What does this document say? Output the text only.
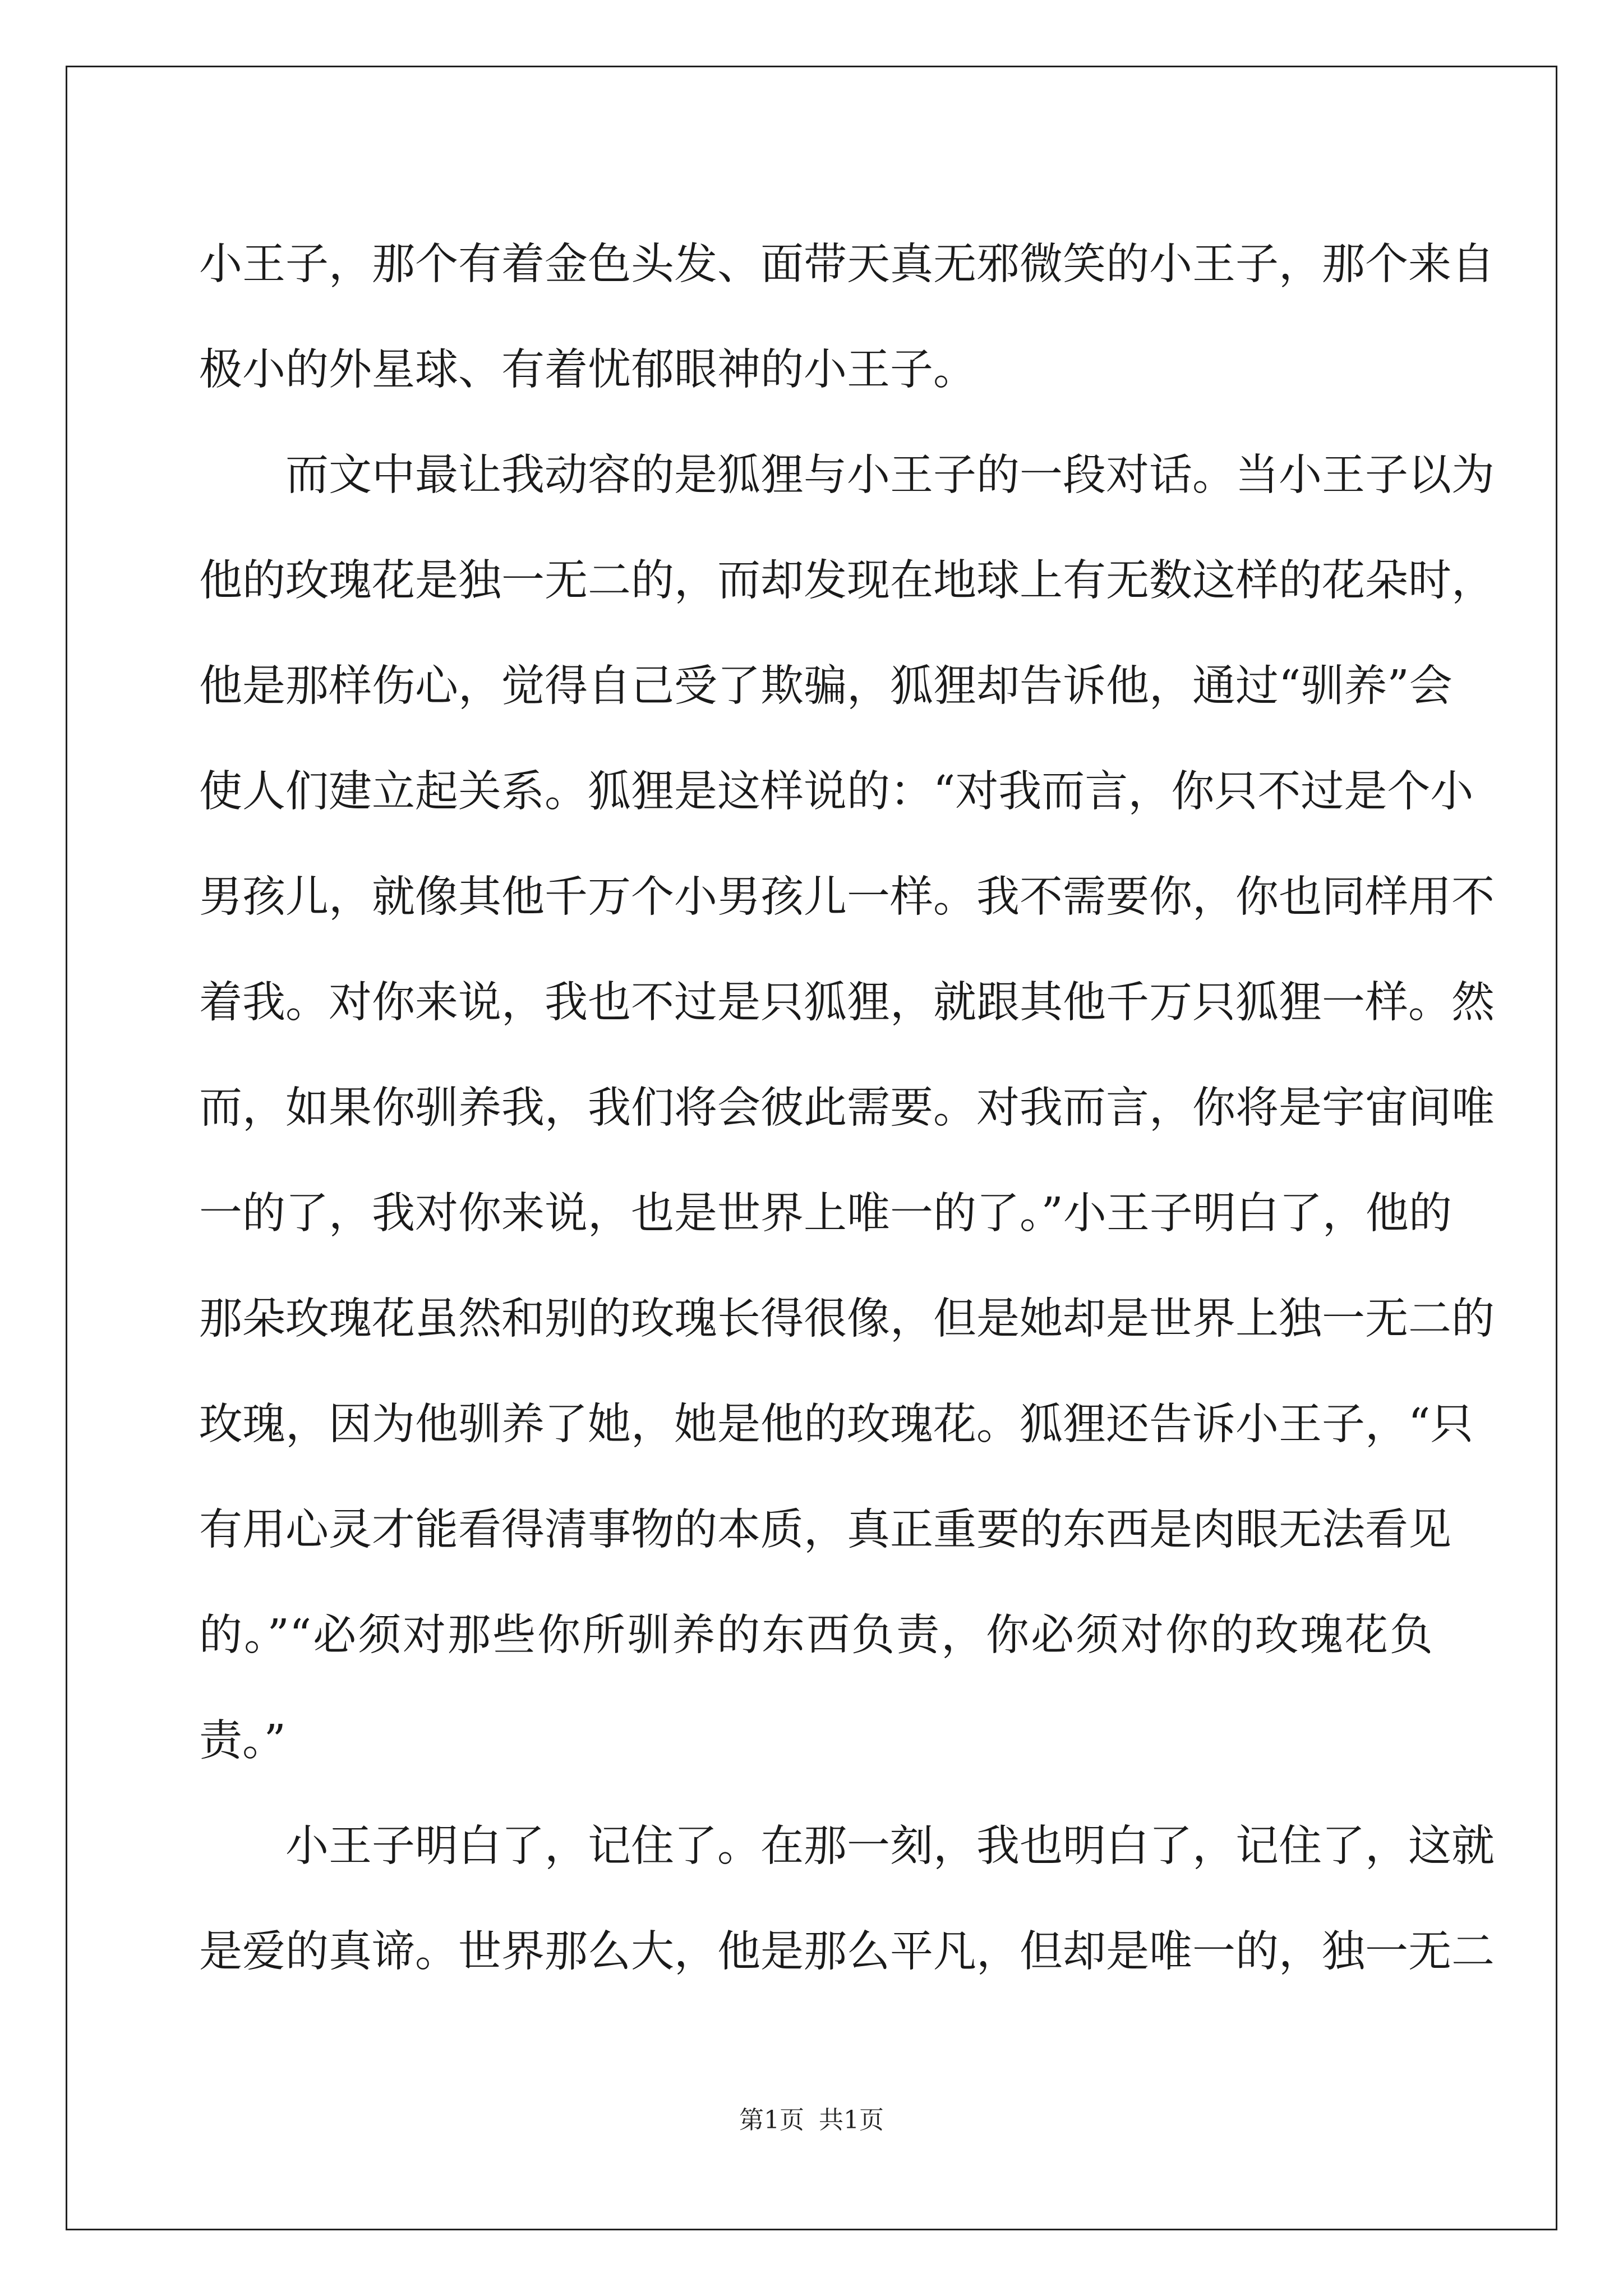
小王子，那个有着金色头发、面带天真无邪微笑的小王子，那个来自
极小的外星球、有着忧郁眼神的小王子。
而文中最让我动容的是狐狸与小王子的一段对话。当小王子以为
他的玫瑰花是独一无二的，而却发现在地球上有无数这样的花朵时，
他是那样伤心，觉得自己受了欺骗，狐狸却告诉他，通过“驯养”会
使人们建立起关系。狐狸是这样说的：“对我而言，你只不过是个小
男孩儿，就像其他千万个小男孩儿一样。我不需要你，你也同样用不
着我。对你来说，我也不过是只狐狸，就跟其他千万只狐狸一样。然
而，如果你驯养我，我们将会彼此需要。对我而言，你将是宇宙间唯
一的了，我对你来说，也是世界上唯一的了。”小王子明白了，他的
那朵玫瑰花虽然和别的玫瑰长得很像，但是她却是世界上独一无二的
玫瑰，因为他驯养了她，她是他的玫瑰花。狐狸还告诉小王子，“只
有用心灵才能看得清事物的本质，真正重要的东西是肉眼无法看见
的。”“必须对那些你所驯养的东西负责，你必须对你的玫瑰花负
责。”
小王子明白了，记住了。在那一刻，我也明白了，记住了，这就
是爱的真谛。世界那么大，他是那么平凡，但却是唯一的，独一无二
第1页 共1页
